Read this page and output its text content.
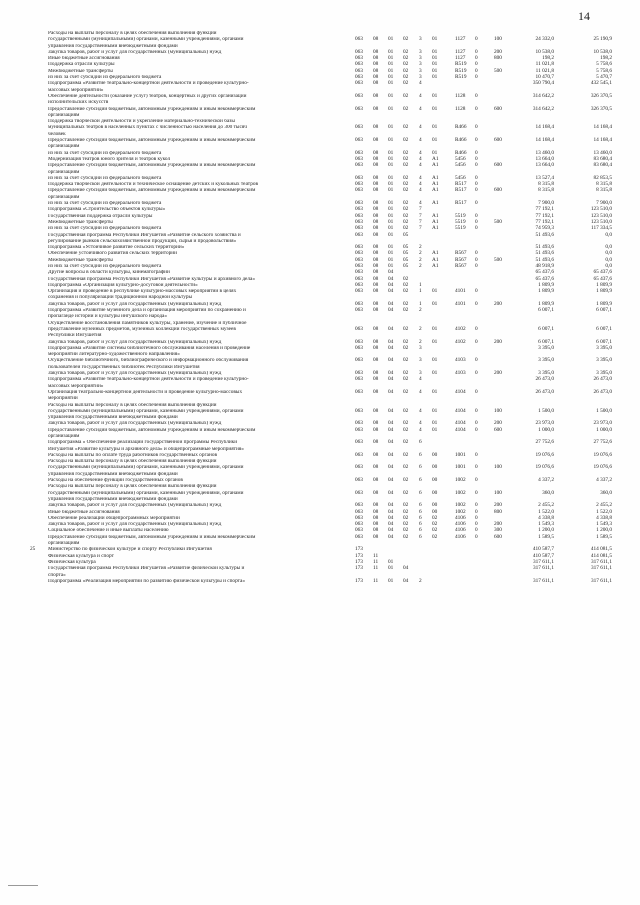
14
Расходы на выплаты персоналу в целях обеспечения выполнения функций
государственными (муниципальными) органами, казенными учреждениями, органами	063 08 01 02 3 01	1127 0	100	24 332,0	25 190,9
управления государственными внебюджетными фондами
Закупка товаров, работ и услуг для государственных (муниципальных) нужд	063 08 01 02 3 01	1127 0	200	10 538,0	10 538,0
Иные бюджетные ассигнования	063 08 01 02 3 01	1127 0	800	198,2	198,2
Поддержка отрасли культуры	063 08 01 02 3 01	R519 0	11 021,8	5 758,6
Межбюджетные трансферты	063 08 01 02 3 01	R519 0	500	11 021,8	5 758,6
из них за счет субсидии из федерального бюджета	063 08 01 02 3 01	R519 0	10 470,7	5 470,7
Подпрограмма «Развитие театрально-концертной деятельности и проведение культурно-	063 08 01 02 4	350 790,4	432 545,1
массовых мероприятий»
Обеспечение деятельности (оказание услуг) театров, концертных и других организаций	063 08 01 02 4 01	1128 0	314 642,2	326 370,5
исполнительских искусств
Предоставление субсидий бюджетным, автономным учреждениям и иным некоммерческим	063 08 01 02 4 01	1128 0	600	314 642,2	326 370,5
организациям
Поддержка творческой деятельности и укрепление материально-технической базы
муниципальных театров в населенных пунктах с численностью населения до 300 тысяч	063 08 01 02 4 01	R466 0	14 168,4	14 168,4
человек
Предоставление субсидий бюджетным, автономным учреждениям и иным некоммерческим	063 08 01 02 4 01	R466 0	600	14 168,4	14 168,4
организациям
из них за счет субсидии из федерального бюджета	063 08 01 02 4 01	R466 0	13 460,0	13 460,0
Модернизация театров юного зрителя и театров кукол	063 08 01 02 4 A1	5456 0	13 664,0	83 680,4
Предоставление субсидий бюджетным, автономным учреждениям и иным некоммерческим	063 08 01 02 4 A1	5456 0	600	13 664,0	83 680,4
организациям
из них за счет субсидии из федерального бюджета	063 08 01 02 4 A1	5456 0	13 527,4	82 853,5
Поддержка творческой деятельности и техническое оснащение детских и кукольных театров	063 08 01 02 4 A1	R517 0	8 315,8	8 315,8
Предоставление субсидий бюджетным, автономным учреждениям и иным некоммерческим	063 08 01 02 4 A1	R517 0	600	8 315,8	8 315,8
организациям
из них за счет субсидии из федерального бюджета	063 08 01 02 4 A1	R517 0	7 900,0	7 900,0
Подпрограмма «Строительство объектов культуры»	063 08 01 02 7	77 192,1	123 510,0
Государственная поддержка отрасли культуры	063 08 01 02 7 A1	5519 0	77 192,1	123 510,0
Межбюджетные трансферты	063 08 01 02 7 A1	5519 0	500	77 192,1	123 510,0
из них за счет субсидии из федерального бюджета	063 08 01 02 7 A1	5519 0	74 959,3	117 334,5
Государственная программа Республики Ингушетия «Развитие сельского хозяйства и	063 08 01 05	51 493,6	0,0
регулирование рынков сельскохозяйственной продукции, сырья и продовольствия»
Подпрограмма «Устойчивое развитие сельских территорий»	063 08 01 05 2	51 493,6	0,0
Обеспечение устойчивого развития сельских территорий	063 08 01 05 2 A1	R567 0	51 493,6	0,0
Межбюджетные трансферты	063 08 01 05 2 A1	R567 0	500	51 493,6	0,0
из них за счет субсидии из федерального бюджета	063 08 01 05 2 A1	R567 0	48 918,9	0,0
Другие вопросы в области культуры, кинематографии	063 08 04	65 437,6	65 437,6
Государственная программа Республики Ингушетия «Развитие культуры и архивного дела»	063 08 04 02	65 437,6	65 437,6
Подпрограмма «Организация культурно-досуговой деятельности»	063 08 04 02 1	1 809,9	1 809,9
Организация и проведение в республике культурно-массовых мероприятий в целях	063 08 04 02 1 01	4101 0	1 809,9	1 809,9
сохранения и популяризации традиционной народной культуры
Закупка товаров, работ и услуг для государственных (муниципальных) нужд	063 08 04 02 1 01	4101 0	200	1 809,9	1 809,9
Подпрограмма «Развитие музейного дела и организация мероприятий по сохранению и	063 08 04 02 2	6 007,1	6 007,1
пропаганде истории и культуры ингушского народа»
Осуществление восстановления памятников культуры, хранение, изучение и публичное
представление музейных предметов, музейных коллекций государственных музеев	063 08 04 02 2 01	4102 0	6 007,1	6 007,1
Республики Ингушетия
Закупка товаров, работ и услуг для государственных (муниципальных) нужд	063 08 04 02 2 01	4102 0	200	6 007,1	6 007,1
Подпрограмма «Развитие системы библиотечного обслуживания населения и проведение	063 08 04 02 3	3 395,0	3 395,0
мероприятий литературно-художественного направления»
Осуществление библиотечного, библиографического и информационного обслуживания	063 08 04 02 3 01	4103 0	3 395,0	3 395,0
пользователей государственных библиотек Республики Ингушетия
Закупка товаров, работ и услуг для государственных (муниципальных) нужд	063 08 04 02 3 01	4103 0	200	3 395,0	3 395,0
Подпрограмма «Развитие театрально-концертной деятельности и проведение культурно-	063 08 04 02 4	26 473,0	26 473,0
массовых мероприятий»
Организация театрально-концертной деятельности и проведение культурно-массовых	063 08 04 02 4 01	4104 0	26 473,0	26 473,0
мероприятий
Расходы на выплаты персоналу в целях обеспечения выполнения функций
государственными (муниципальными) органами, казенными учреждениями, органами	063 08 04 02 4 01	4104 0	100	1 500,0	1 500,0
управления государственными внебюджетными фондами
Закупка товаров, работ и услуг для государственных (муниципальных) нужд	063 08 04 02 4 01	4104 0	200	23 973,0	23 973,0
Предоставление субсидий бюджетным, автономным учреждениям и иным некоммерческим	063 08 04 02 4 01	4104 0	600	1 000,0	1 000,0
организациям
Подпрограмма « Обеспечение реализации государственной программы Республики	063 08 04 02 6	27 752,6	27 752,6
Ингушетия «Развитие культуры и архивного дела» и общепрограммные мероприятия»
Расходы на выплаты по оплате труда работников государственных органов	063 08 04 02 6 00	1001 0	19 076,6	19 076,6
Расходы на выплаты персоналу в целях обеспечения выполнения функций
государственными (муниципальными) органами, казенными учреждениями, органами	063 08 04 02 6 00	1001 0	100	19 076,6	19 076,6
управления государственными внебюджетными фондами
Расходы на обеспечение функций государственных органов	063 08 04 02 6 00	1002 0	4 337,2	4 337,2
Расходы на выплаты персоналу в целях обеспечения выполнения функций
государственными (муниципальными) органами, казенными учреждениями, органами	063 08 04 02 6 00	1002 0	100	360,0	360,0
управления государственными внебюджетными фондами
Закупка товаров, работ и услуг для государственных (муниципальных) нужд	063 08 04 02 6 00	1002 0	200	2 455,2	2 455,2
Иные бюджетные ассигнования	063 08 04 02 6 00	1002 0	800	1 522,0	1 522,0
Обеспечение реализации общепрограммных мероприятий	063 08 04 02 6 02	4106 0	4 338,8	4 338,8
Закупка товаров, работ и услуг для государственных (муниципальных) нужд	063 08 04 02 6 02	4106 0	200	1 549,3	1 549,3
Социальное обеспечение и иные выплаты населению	063 08 04 02 6 02	4106 0	300	1 200,0	1 200,0
Предоставление субсидий бюджетным, автономным учреждениям и иным некоммерческим	063 08 04 02 6 02	4106 0	600	1 589,5	1 589,5
организациям
25 Министерство по физической культуре и спорту Республики Ингушетия	173	410 587,7	414 081,5
Физическая культура и спорт	173 11	410 587,7	414 081,5
Физическая культура	173 11 01	317 611,1	317 611,1
Государственная программа Республики Ингушетия «Развитие физической культуры и	173 11 01 04	317 611,1	317 611,1
спорта»
Подпрограмма «Реализация мероприятий по развитию физической культуры и спорта»	173 11 01 04 2	317 611,1	317 611,1
